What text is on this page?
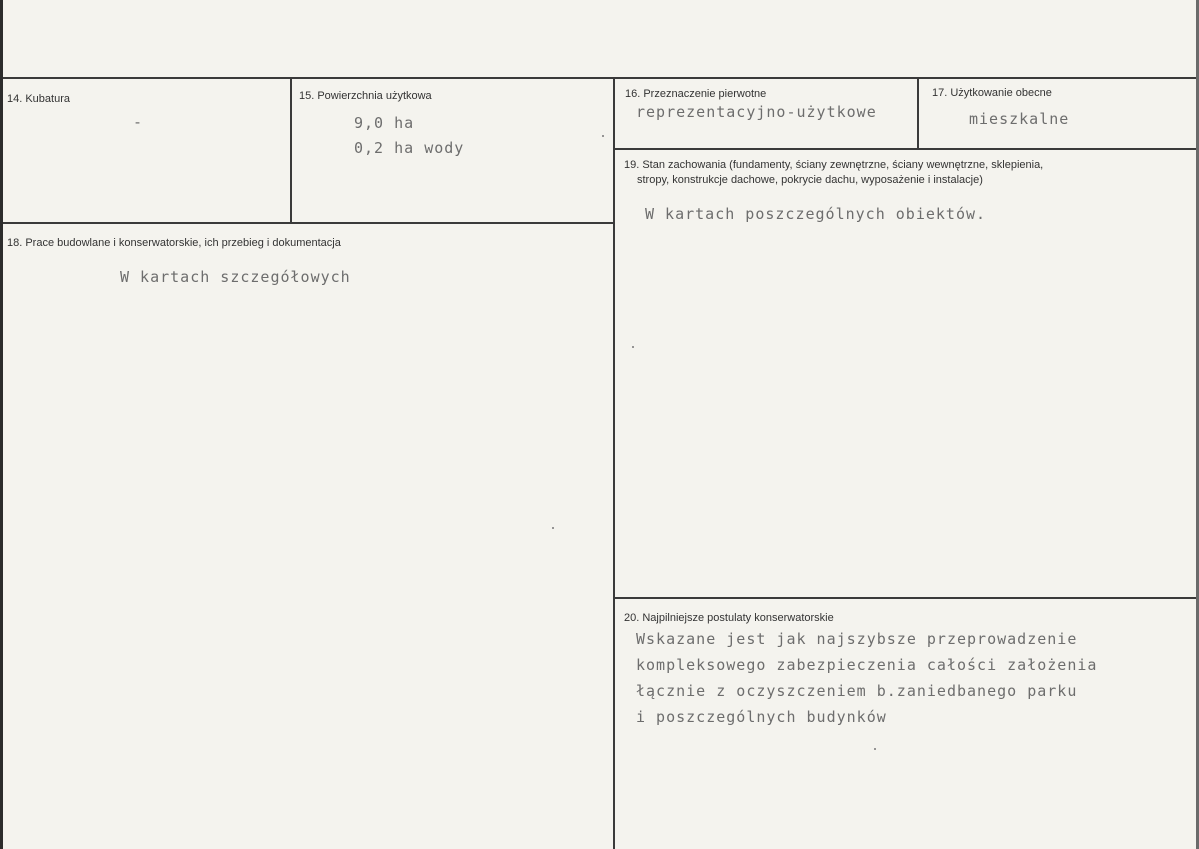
14. Kubatura
-
15. Powierzchnia użytkowa
9,0 ha
0,2 ha wody
16. Przeznaczenie pierwotne
reprezentacyjno-użytkowe
17. Użytkowanie obecne
mieszkalne
18. Prace budowlane i konserwatorskie, ich przebieg i dokumentacja
W kartach szczegółowych
19. Stan zachowania (fundamenty, ściany zewnętrzne, ściany wewnętrzne, sklepienia,
stropy, konstrukcje dachowe, pokrycie dachu, wyposażenie i instalacje)
W kartach poszczególnych obiektów.
20. Najpilniejsze postulaty konserwatorskie
Wskazane jest jak najszybsze przeprowadzenie
kompleksowego zabezpieczenia całości założenia
łącznie z oczyszczeniem b.zaniedbanego parku
i poszczególnych budynków
